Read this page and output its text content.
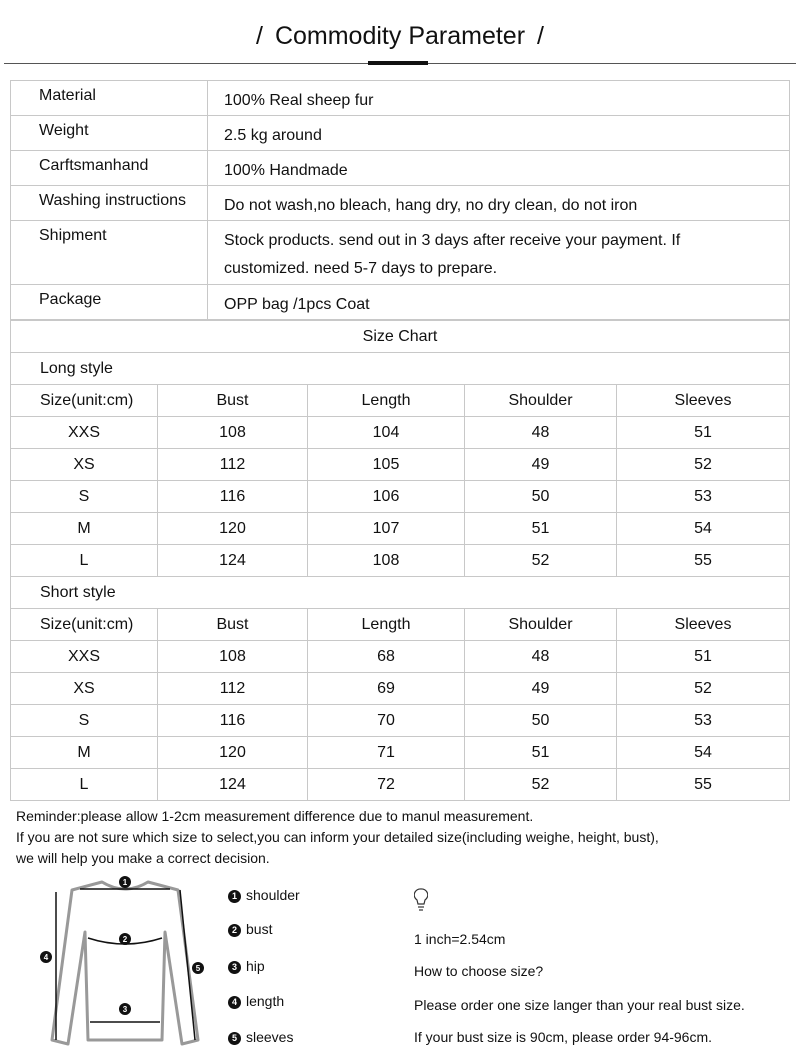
/ Commodity Parameter /
Material	100% Real sheep fur

Weight	2.5 kg around

Carftsmanhand	100% Handmade

Washing instructions	Do not wash,no bleach, hang dry, no dry clean, do not iron

Shipment	Stock products. send out in 3 days after receive your payment. If
customized. need 5-7 days to prepare.

Package	OPP bag /1pcs Coat
Size Chart				
Long style				
Size(unit:cm)	Bust	Length	Shoulder	Sleeves
XXS	108	104	48	51
XS	112	105	49	52
S	116	106	50	53
M	120	107	51	54
L	124	108	52	55
Short style				
Size(unit:cm)	Bust	Length	Shoulder	Sleeves
XXS	108	68	48	51
XS	112	69	49	52
S	116	70	50	53
M	120	71	51	54
L	124	72	52	55
Reminder:please allow 1-2cm measurement difference due to manul measurement.
If you are not sure which size to select,you can inform your detailed size(including weighe, height, bust),
we will help you make a correct decision.
1
2
3
4
5
1 shoulder
2 bust
3 hip
4 length
5 sleeves
1 inch=2.54cm
How to choose size?
Please order one size langer than your real bust size.
If your bust size is 90cm, please order 94-96cm.
